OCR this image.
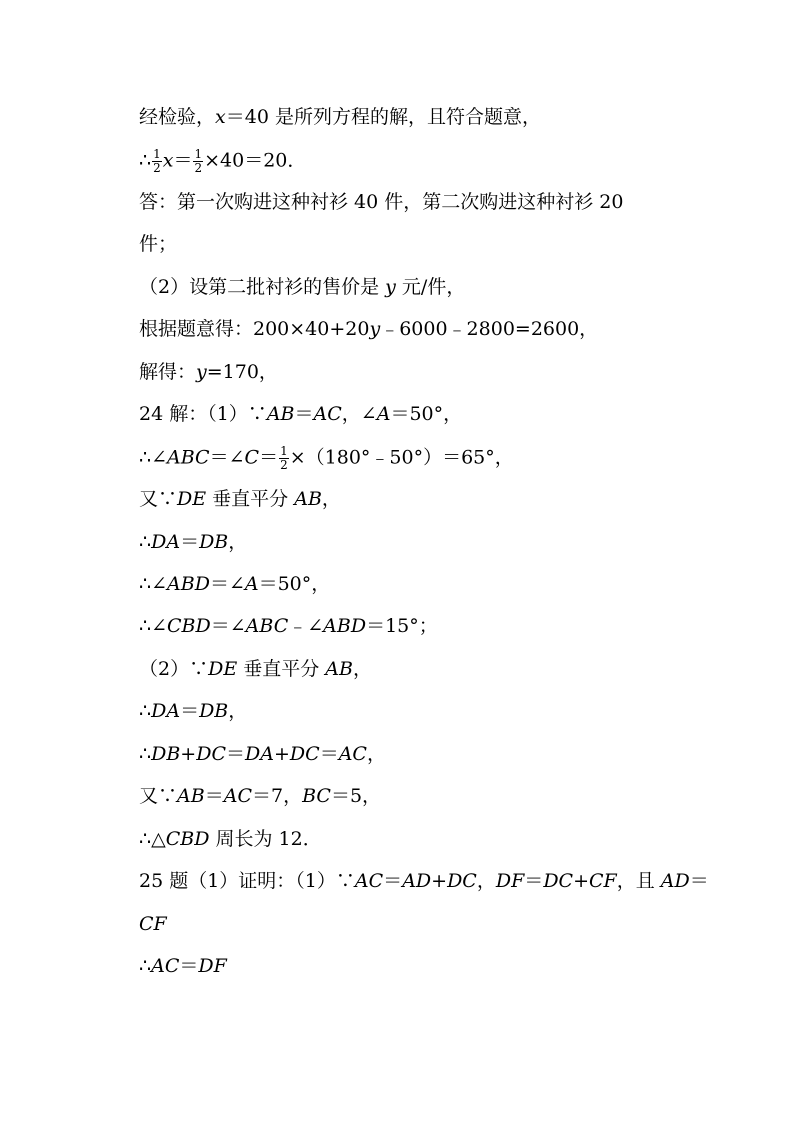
经检验，x＝40 是所列方程的解，且符合题意，
∴ $\frac{1}{2} x= \frac{1}{2} \times 40=20$．
答：第一次购进这种衬衫 40 件，第二次购进这种衬衫 20
件；
（2）设第二批衬衫的售价是 y 元/件，
根据题意得：200×40+20y﹣6000﹣2800=2600，
解得：y=170，
24 解：（1）∵AB＝AC，∠A＝50°，
∴∠ABC＝∠C＝ $\frac{1}{2}$ ×（180°﹣50°）＝65°，
又∵DE 垂直平分 AB，
∴DA＝DB，
∴∠ABD＝∠A＝50°，
∴∠CBD＝∠ABC﹣∠ABD＝15°；
（2）∵DE 垂直平分 AB，
∴DA＝DB，
∴DB+DC＝DA+DC＝AC，
又∵AB＝AC＝7，BC＝5，
∴△CBD 周长为 12．
25 题（1）证明：（1）∵AC＝AD+DC，DF＝DC+CF，且 AD＝
CF
∴AC＝DF
